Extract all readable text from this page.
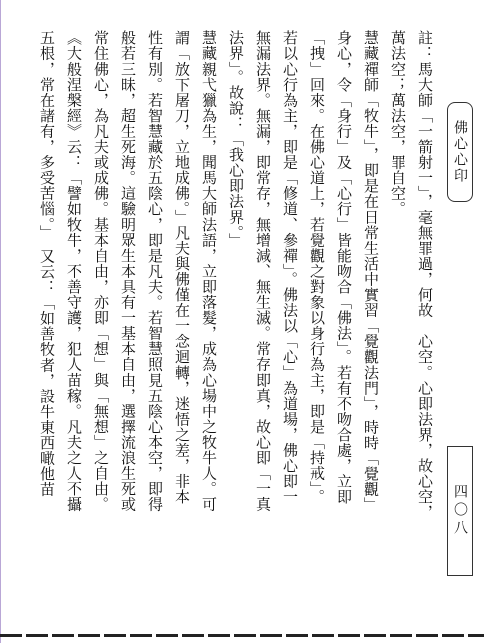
註：馬大師「一箭射一」，毫無罪過，何故　心空。心即法界，故心空，
萬法空；萬法空，罪自空。
慧藏禪師「牧牛」，即是在日常生活中實習「覺觀法門」，時時「覺觀」
身心，令「身行」及「心行」皆能吻合「佛法」。若有不吻合處，立即
「拽」回來。在佛心道上，若覺觀之對象以身行為主，即是「持戒」。
若以心行為主，即是「修道、參禪」。佛法以「心」為道場，佛心即一
無漏法界。無漏，即常存，無增減、無生滅。常存即真，故心即「一真
法界」。故說：「我心即法界。」
慧藏親弋獵為生，聞馬大師法語，立即落髮，成為心場中之牧牛人。可
謂「放下屠刀，立地成佛。」凡夫與佛僅在一念迴轉，迷悟之差，非本
性有別。若智慧藏於五陰心，即是凡夫。若智慧照見五陰心本空，即得
般若三昧，超生死海。這驗明眾生本具有一基本自由，選擇流浪生死或
常住佛心，為凡夫或成佛。基本自由，亦即「想」與「無想」之自由。
《大般涅槃經》云：「譬如牧牛，不善守護，犯人苗稼。凡夫之人不攝
五根，常在諸有，多受苦惱。」　又云：「如善牧者，設牛東西噉他苗	佛心心印
四〇八
